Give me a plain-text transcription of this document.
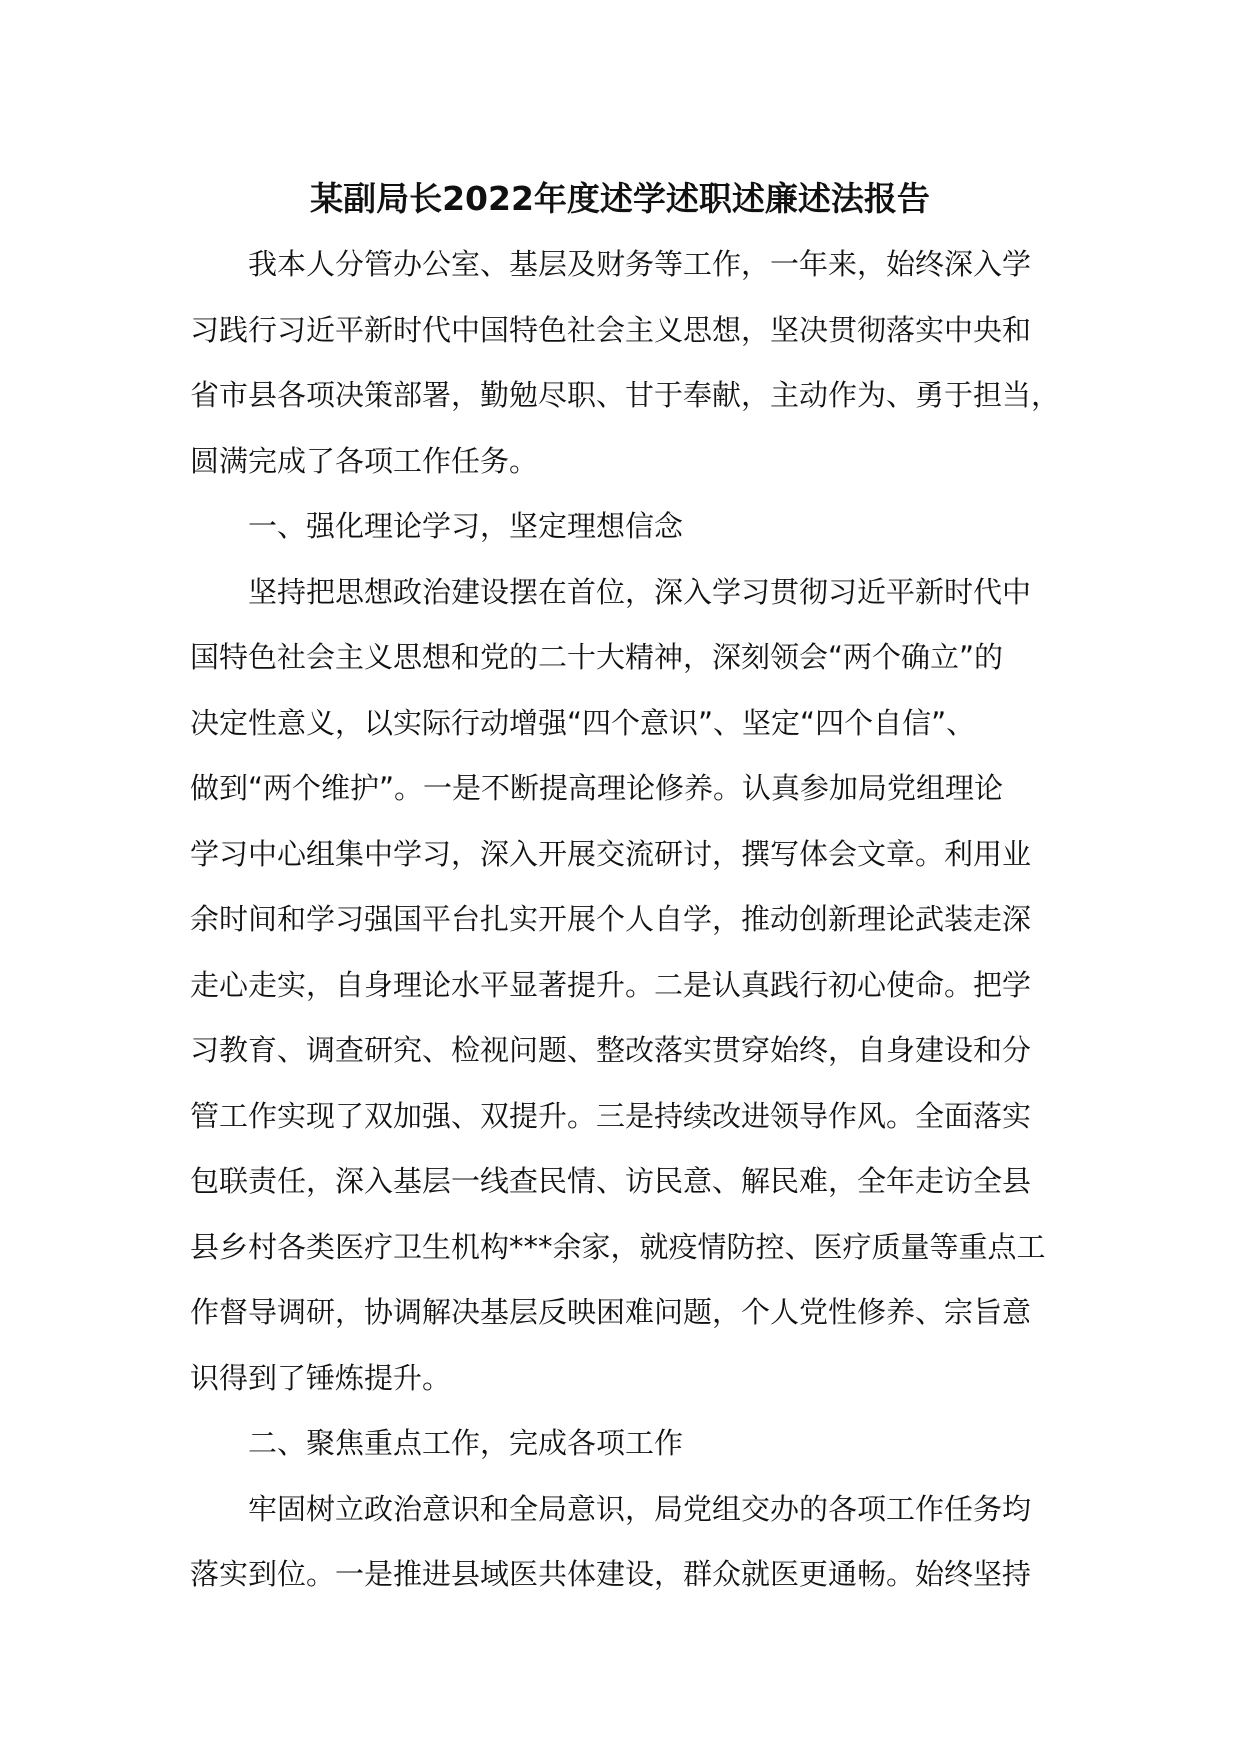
某副局长2022年度述学述职述廉述法报告
我本人分管办公室、基层及财务等工作，一年来，始终深入学
习践行习近平新时代中国特色社会主义思想，坚决贯彻落实中央和
省市县各项决策部署，勤勉尽职、甘于奉献，主动作为、勇于担当，
圆满完成了各项工作任务。
一、强化理论学习，坚定理想信念
坚持把思想政治建设摆在首位，深入学习贯彻习近平新时代中
国特色社会主义思想和党的二十大精神，深刻领会“两个确立”的
决定性意义，以实际行动增强“四个意识”、坚定“四个自信”、
做到“两个维护”。一是不断提高理论修养。认真参加局党组理论
学习中心组集中学习，深入开展交流研讨，撰写体会文章。利用业
余时间和学习强国平台扎实开展个人自学，推动创新理论武装走深
走心走实，自身理论水平显著提升。二是认真践行初心使命。把学
习教育、调查研究、检视问题、整改落实贯穿始终，自身建设和分
管工作实现了双加强、双提升。三是持续改进领导作风。全面落实
包联责任，深入基层一线查民情、访民意、解民难，全年走访全县
县乡村各类医疗卫生机构***余家，就疫情防控、医疗质量等重点工
作督导调研，协调解决基层反映困难问题，个人党性修养、宗旨意
识得到了锤炼提升。
二、聚焦重点工作，完成各项工作
牢固树立政治意识和全局意识，局党组交办的各项工作任务均
落实到位。一是推进县域医共体建设，群众就医更通畅。始终坚持
